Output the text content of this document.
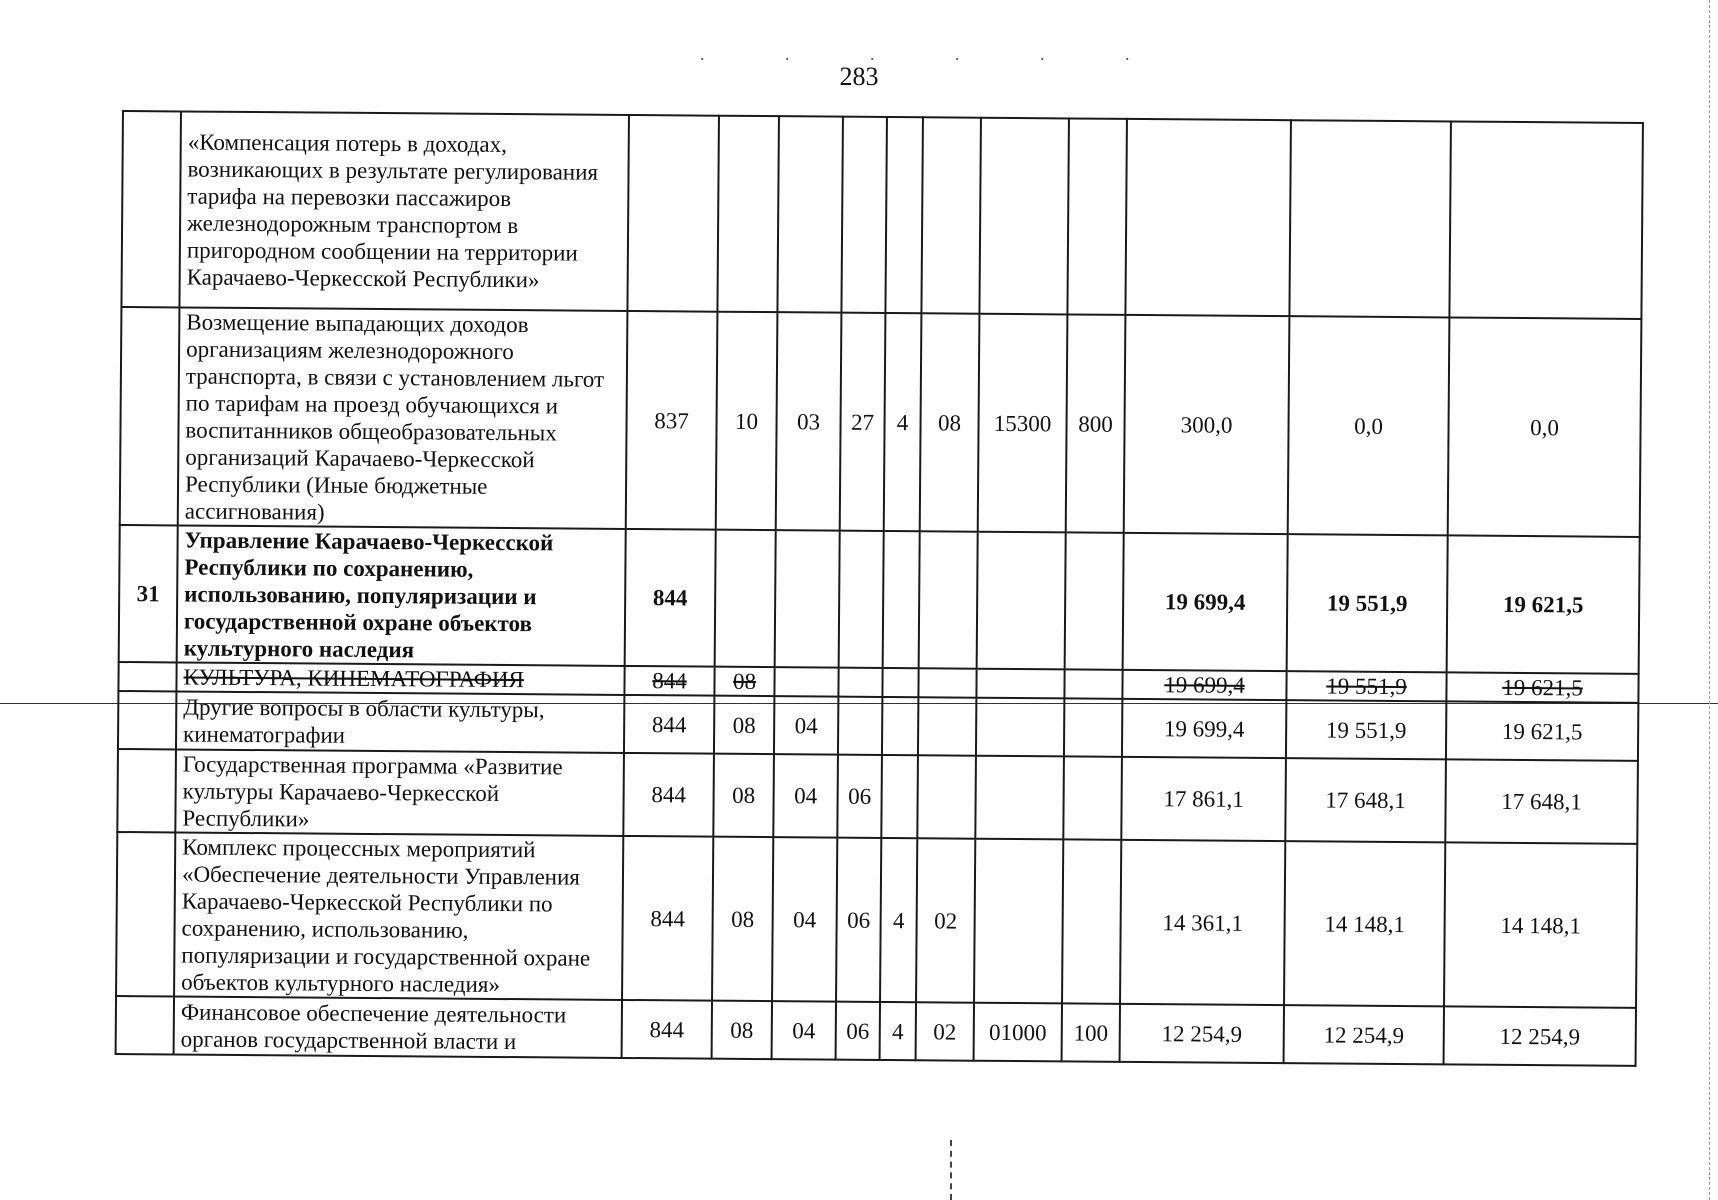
. . . . . .
283
	«Компенсация потерь в доходах, возникающих в результате регулирования тарифа на перевозки пассажиров железнодорожным транспортом в пригородном сообщении на территории Карачаево-Черкесской Республики»											
	Возмещение выпадающих доходов организациям железнодорожного транспорта, в связи с установлением льгот по тарифам на проезд обучающихся и воспитанников общеобразовательных организаций Карачаево-Черкесской Республики (Иные бюджетные ассигнования)	837	10	03	27	4	08	15300	800	300,0	0,0	0,0
31	Управление Карачаево-Черкесской Республики по сохранению, использованию, популяризации и государственной охране объектов культурного наследия	844								19 699,4	19 551,9	19 621,5
	КУЛЬТУРА, КИНЕМАТОГРАФИЯ	844	08							19 699,4	19 551,9	19 621,5
	Другие вопросы в области культуры, кинематографии	844	08	04						19 699,4	19 551,9	19 621,5
	Государственная программа «Развитие культуры Карачаево-Черкесской Республики»	844	08	04	06					17 861,1	17 648,1	17 648,1
	Комплекс процессных мероприятий «Обеспечение деятельности Управления Карачаево-Черкесской Республики по сохранению, использованию, популяризации и государственной охране объектов культурного наследия»	844	08	04	06	4	02			14 361,1	14 148,1	14 148,1
	Финансовое обеспечение деятельности органов государственной власти и	844	08	04	06	4	02	01000	100	12 254,9	12 254,9	12 254,9
